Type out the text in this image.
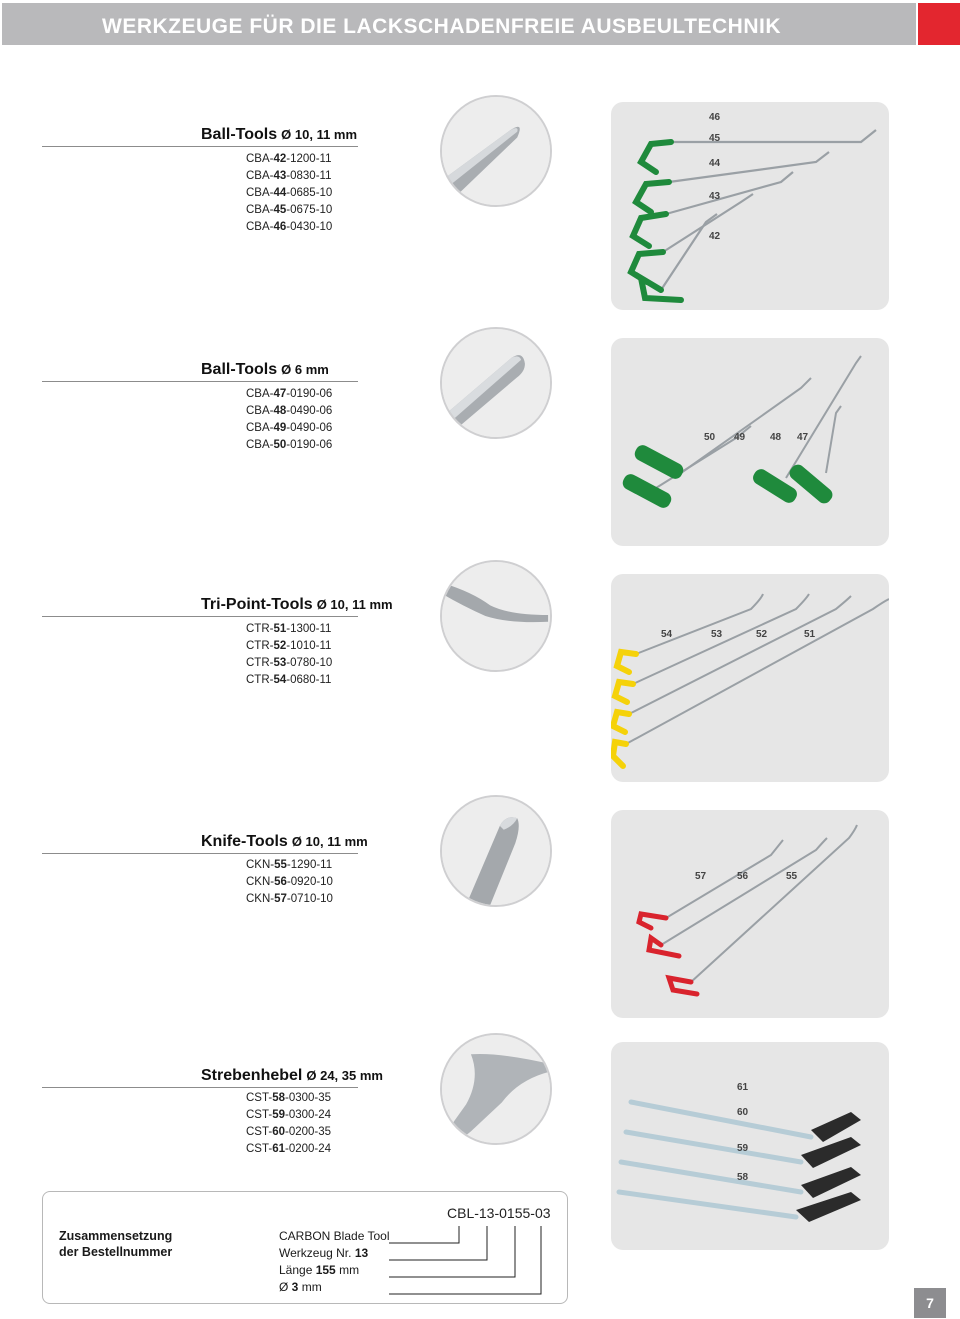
WERKZEUGE FÜR DIE LACKSCHADENFREIE AUSBEULTECHNIK
Ball-Tools Ø 10, 11 mm
CBA-42-1200-11
CBA-43-0830-11
CBA-44-0685-10
CBA-45-0675-10
CBA-46-0430-10
46
45
44
43
42
Ball-Tools Ø 6 mm
CBA-47-0190-06
CBA-48-0490-06
CBA-49-0490-06
CBA-50-0190-06
50 49 48 47
Tri-Point-Tools Ø 10, 11 mm
CTR-51-1300-11
CTR-52-1010-11
CTR-53-0780-10
CTR-54-0680-11
54	53	52	51
Knife-Tools Ø 10, 11 mm
CKN-55-1290-11
CKN-56-0920-10
CKN-57-0710-10
57	56	55
Strebenhebel Ø 24, 35 mm
CST-58-0300-35
CST-59-0300-24
CST-60-0200-35
CST-61-0200-24
61
60
59
58
Zusammensetzung
der Bestellnummer
CBL-13-0155-03
CARBON Blade Tool
Werkzeug Nr. 13
Länge 155 mm
Ø 3 mm
7
